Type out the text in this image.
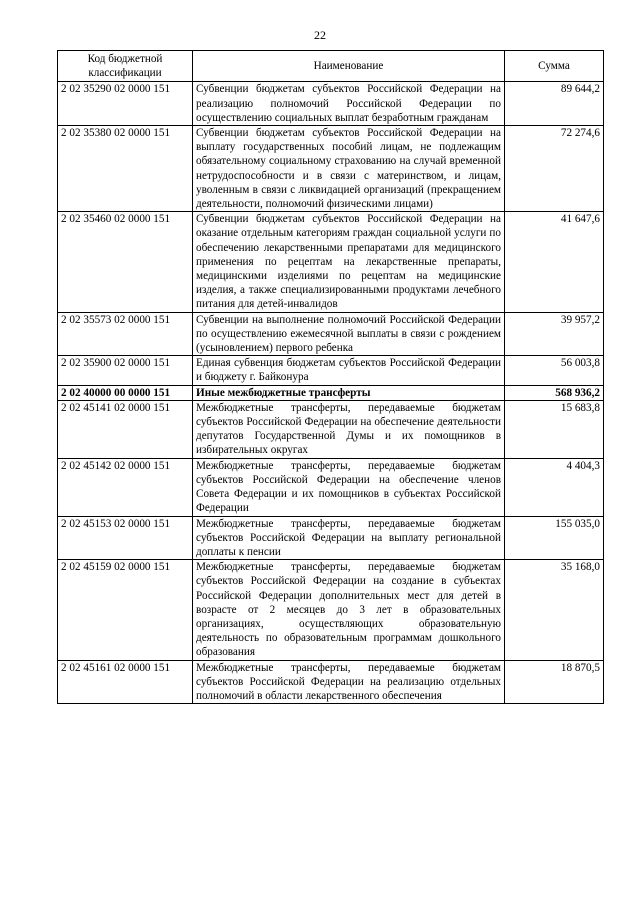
22
Код бюджетной классификации	Наименование	Сумма
2 02 35290 02 0000 151	Субвенции бюджетам субъектов Российской Федерации на реализацию полномочий Российской Федерации по осуществлению социальных выплат безработным гражданам	89 644,2
2 02 35380 02 0000 151	Субвенции бюджетам субъектов Российской Федерации на выплату государственных пособий лицам, не подлежащим обязательному социальному страхованию на случай временной нетрудоспособности и в связи с материнством, и лицам, уволенным в связи с ликвидацией организаций (прекращением деятельности, полномочий физическими лицами)	72 274,6
2 02 35460 02 0000 151	Субвенции бюджетам субъектов Российской Федерации на оказание отдельным категориям граждан социальной услуги по обеспечению лекарственными препаратами для медицинского применения по рецептам на лекарственные препараты, медицинскими изделиями по рецептам на медицинские изделия, а также специализированными продуктами лечебного питания для детей-инвалидов	41 647,6
2 02 35573 02 0000 151	Субвенции на выполнение полномочий Российской Федерации по осуществлению ежемесячной выплаты в связи с рождением (усыновлением) первого ребенка	39 957,2
2 02 35900 02 0000 151	Единая субвенция бюджетам субъектов Российской Федерации и бюджету г. Байконура	56 003,8
2 02 40000 00 0000 151	Иные межбюджетные трансферты	568 936,2
2 02 45141 02 0000 151	Межбюджетные трансферты, передаваемые бюджетам субъектов Российской Федерации на обеспечение деятельности депутатов Государственной Думы и их помощников в избирательных округах	15 683,8
2 02 45142 02 0000 151	Межбюджетные трансферты, передаваемые бюджетам субъектов Российской Федерации на обеспечение членов Совета Федерации и их помощников в субъектах Российской Федерации	4 404,3
2 02 45153 02 0000 151	Межбюджетные трансферты, передаваемые бюджетам субъектов Российской Федерации на выплату региональной доплаты к пенсии	155 035,0
2 02 45159 02 0000 151	Межбюджетные трансферты, передаваемые бюджетам субъектов Российской Федерации на создание в субъектах Российской Федерации дополнительных мест для детей в возрасте от 2 месяцев до 3 лет в образовательных организациях, осуществляющих образовательную деятельность по образовательным программам дошкольного образования	35 168,0
2 02 45161 02 0000 151	Межбюджетные трансферты, передаваемые бюджетам субъектов Российской Федерации на реализацию отдельных полномочий в области лекарственного обеспечения	18 870,5
